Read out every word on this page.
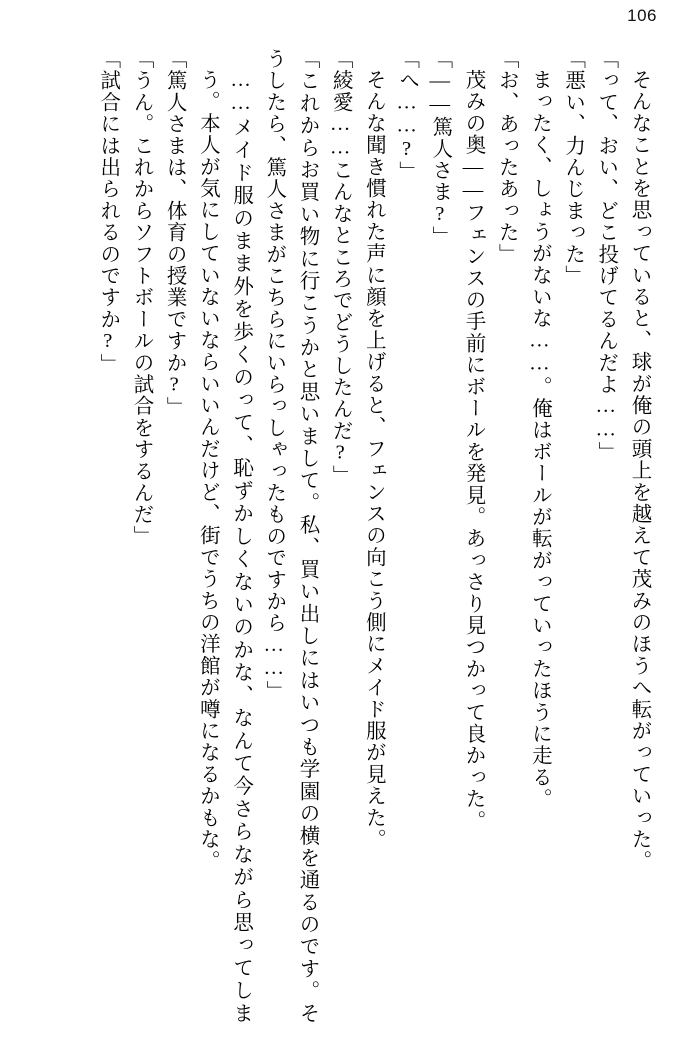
106

そんなことを思っていると、球が俺の頭上を越えて茂みのほうへ転がっていった。

「って、おい、どこ投げてるんだよ……」

「悪い、力んじまった」

まったく、しょうがないな……。俺はボールが転がっていったほうに走る。

「お、あったあった」

茂みの奥——フェンスの手前にボールを発見。あっさり見つかって良かった。

「——篤人さま?」

「へ……?」

そんな聞き慣れた声に顔を上げると、フェンスの向こう側にメイド服が見えた。

「綾愛……こんなところでどうしたんだ?」

「これからお買い物に行こうかと思いまして。私、買い出しにはいつも学園の横を通るのです。そうしたら、篤人さまがこちらにいらっしゃったものですから……」

……メイド服のまま外を歩くのって、恥ずかしくないのかな、なんて今さらながら思ってしまう。本人が気にしていないならいいんだけど、街でうちの洋館が噂になるかもな。

「篤人さまは、体育の授業ですか?」

「うん。これからソフトボールの試合をするんだ」

「試合には出られるのですか?」
